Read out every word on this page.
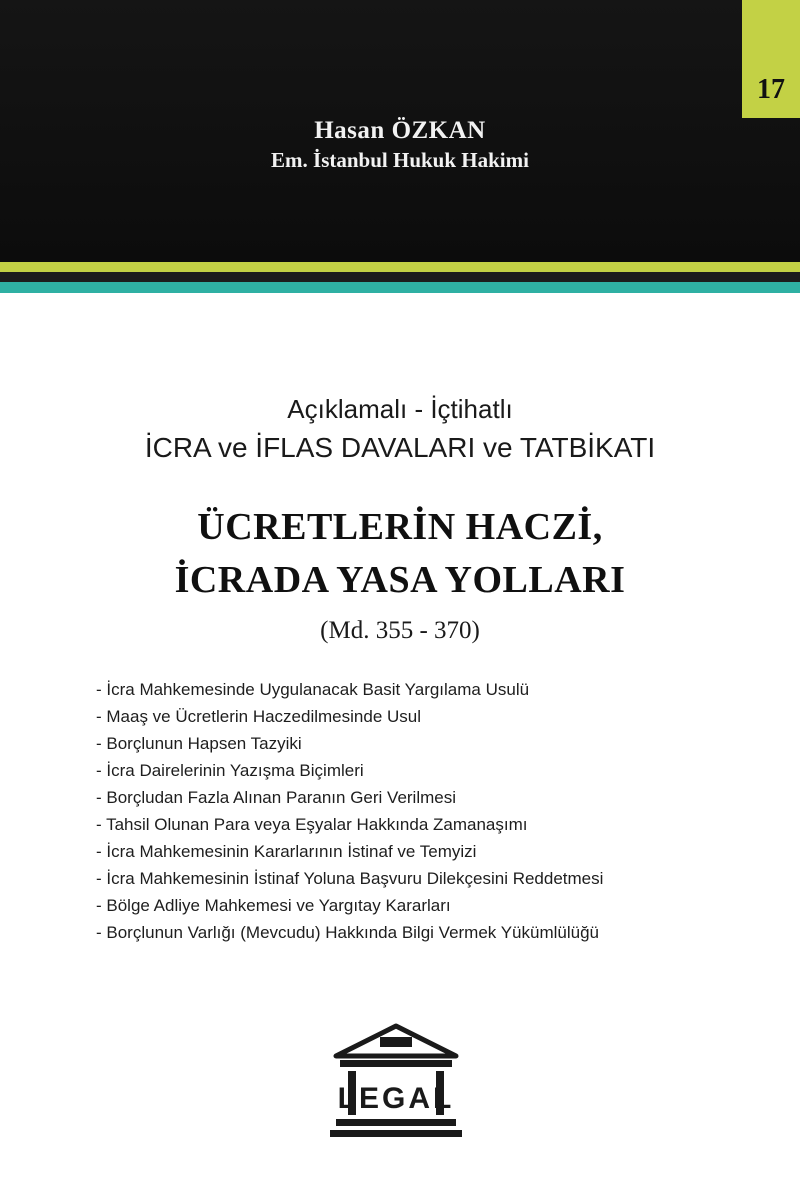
17
Hasan ÖZKAN
Em. İstanbul Hukuk Hakimi
Açıklamalı - İçtihatlı
İCRA ve İFLAS DAVALARI ve TATBİKATI
ÜCRETLERİN HACZİ,
İCRADA YASA YOLLARI
(Md. 355 - 370)
- İcra Mahkemesinde Uygulanacak Basit Yargılama Usulü
- Maaş ve Ücretlerin Haczedilmesinde Usul
- Borçlunun Hapsen Tazyiki
- İcra Dairelerinin Yazışma Biçimleri
- Borçludan Fazla Alınan Paranın Geri Verilmesi
- Tahsil Olunan Para veya Eşyalar Hakkında Zamanaşımı
- İcra Mahkemesinin Kararlarının İstinaf ve Temyizi
- İcra Mahkemesinin İstinaf Yoluna Başvuru Dilekçesini Reddetmesi
- Bölge Adliye Mahkemesi ve Yargıtay Kararları
- Borçlunun Varlığı (Mevcudu) Hakkında Bilgi Vermek Yükümlülüğü
LEGAL
